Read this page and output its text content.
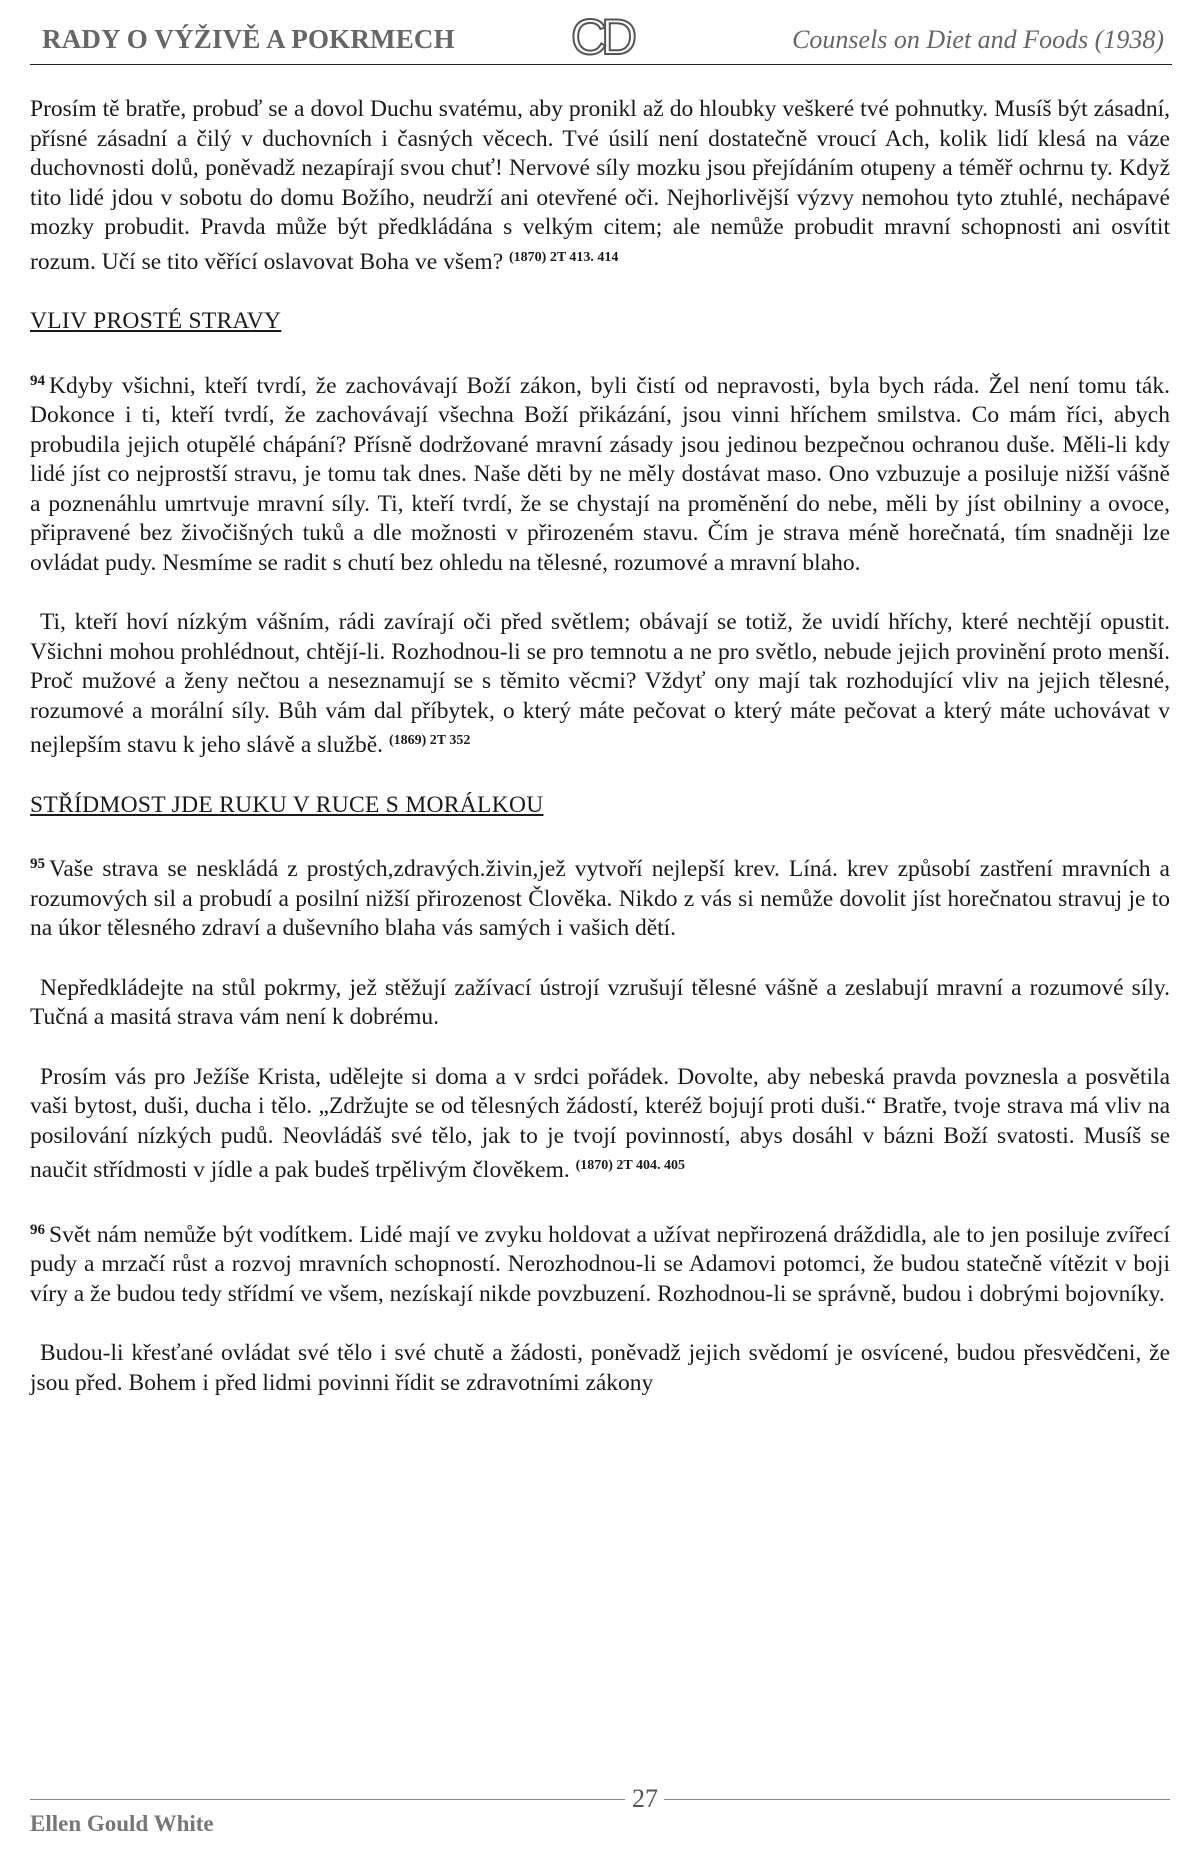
RADY O VÝŽIVĚ A POKRMECH CD	Counsels on Diet and Foods (1938)

Prosím tě bratře, probuď se a dovol Duchu svatému, aby pronikl až do hloubky veškeré tvé pohnutky. Musíš být zásadní, přísné zásadní a čilý v duchovních i časných věcech. Tvé úsilí není dostatečně vroucí Ach, kolik lidí klesá na váze duchovnosti dolů, poněvadž nezapírají svou chuť! Nervové síly mozku jsou přejídáním otupeny a téměř ochrnu ty. Když tito lidé jdou v sobotu do domu Božího, neudrží ani otevřené oči. Nejhorlivější výzvy nemohou tyto ztuhlé, nechápavé mozky probudit. Pravda může být předkládána s velkým citem; ale nemůže probudit mravní schopnosti ani osvítit rozum. Učí se tito věřící oslavovat Boha ve všem? $^{(1870) 2T 413. 414}$

VLIV PROSTÉ STRAVY

$^{94}$ Kdyby všichni, kteří tvrdí, že zachovávají Boží zákon, byli čistí od nepravosti, byla bych ráda. Žel není tomu ták. Dokonce i ti, kteří tvrdí, že zachovávají všechna Boží přikázání, jsou vinni hříchem smilstva. Co mám říci, abych probudila jejich otupělé chápání? Přísně dodržované mravní zásady jsou jedinou bezpečnou ochranou duše. Měli-li kdy lidé jíst co nejprostší stravu, je tomu tak dnes. Naše děti by ne měly dostávat maso. Ono vzbuzuje a posiluje nižší vášně a poznenáhlu umrtvuje mravní síly. Ti, kteří tvrdí, že se chystají na proměnění do nebe, měli by jíst obilniny a ovoce, připravené bez živočišných tuků a dle možnosti v přirozeném stavu. Čím je strava méně horečnatá, tím snadněji lze ovládat pudy. Nesmíme se radit s chutí bez ohledu na tělesné, rozumové a mravní blaho.

Ti, kteří hoví nízkým vášním, rádi zavírají oči před světlem; obávají se totiž, že uvidí hříchy, které nechtějí opustit. Všichni mohou prohlédnout, chtějí-li. Rozhodnou-li se pro temnotu a ne pro světlo, nebude jejich provinění proto menší. Proč mužové a ženy nečtou a neseznamují se s těmito věcmi? Vždyť ony mají tak rozhodující vliv na jejich tělesné, rozumové a morální síly. Bůh vám dal příbytek, o který máte pečovat o který máte pečovat a který máte uchovávat v nejlepším stavu k jeho slávě a službě. $^{(1869) 2T 352}$

STŘÍDMOST JDE RUKU V RUCE S MORÁLKOU

$^{95}$ Vaše strava se neskládá z prostých,zdravých.živin,jež vytvoří nejlepší krev. Líná. krev způsobí zastření mravních a rozumových sil a probudí a posilní nižší přirozenost Člověka. Nikdo z vás si nemůže dovolit jíst horečnatou stravuj je to na úkor tělesného zdraví a duševního blaha vás samých i vašich dětí.

Nepředkládejte na stůl pokrmy, jež stěžují zažívací ústrojí vzrušují tělesné vášně a zeslabují mravní a rozumové síly. Tučná a masitá strava vám není k dobrému.

Prosím vás pro Ježíše Krista, udělejte si doma a v srdci pořádek. Dovolte, aby nebeská pravda povznesla a posvětila vaši bytost, duši, ducha i tělo. „Zdržujte se od tělesných žádostí, kteréž bojují proti duši.“ Bratře, tvoje strava má vliv na posilování nízkých pudů. Neovládáš své tělo, jak to je tvojí povinností, abys dosáhl v bázni Boží svatosti. Musíš se naučit střídmosti v jídle a pak budeš trpělivým člověkem. $^{(1870) 2T 404. 405}$

$^{96}$ Svět nám nemůže být vodítkem. Lidé mají ve zvyku holdovat a užívat nepřirozená dráždidla, ale to jen posiluje zvířecí pudy a mrzačí růst a rozvoj mravních schopností. Nerozhodnou-li se Adamovi potomci, že budou statečně vítězit v boji víry a že budou tedy střídmí ve všem, nezískají nikde povzbuzení. Rozhodnou-li se správně, budou i dobrými bojovníky.

Budou-li křesťané ovládat své tělo i své chutě a žádosti, poněvadž jejich svědomí je osvícené, budou přesvědčeni, že jsou před. Bohem i před lidmi povinni řídit se zdravotními zákony

27
Ellen Gould White
